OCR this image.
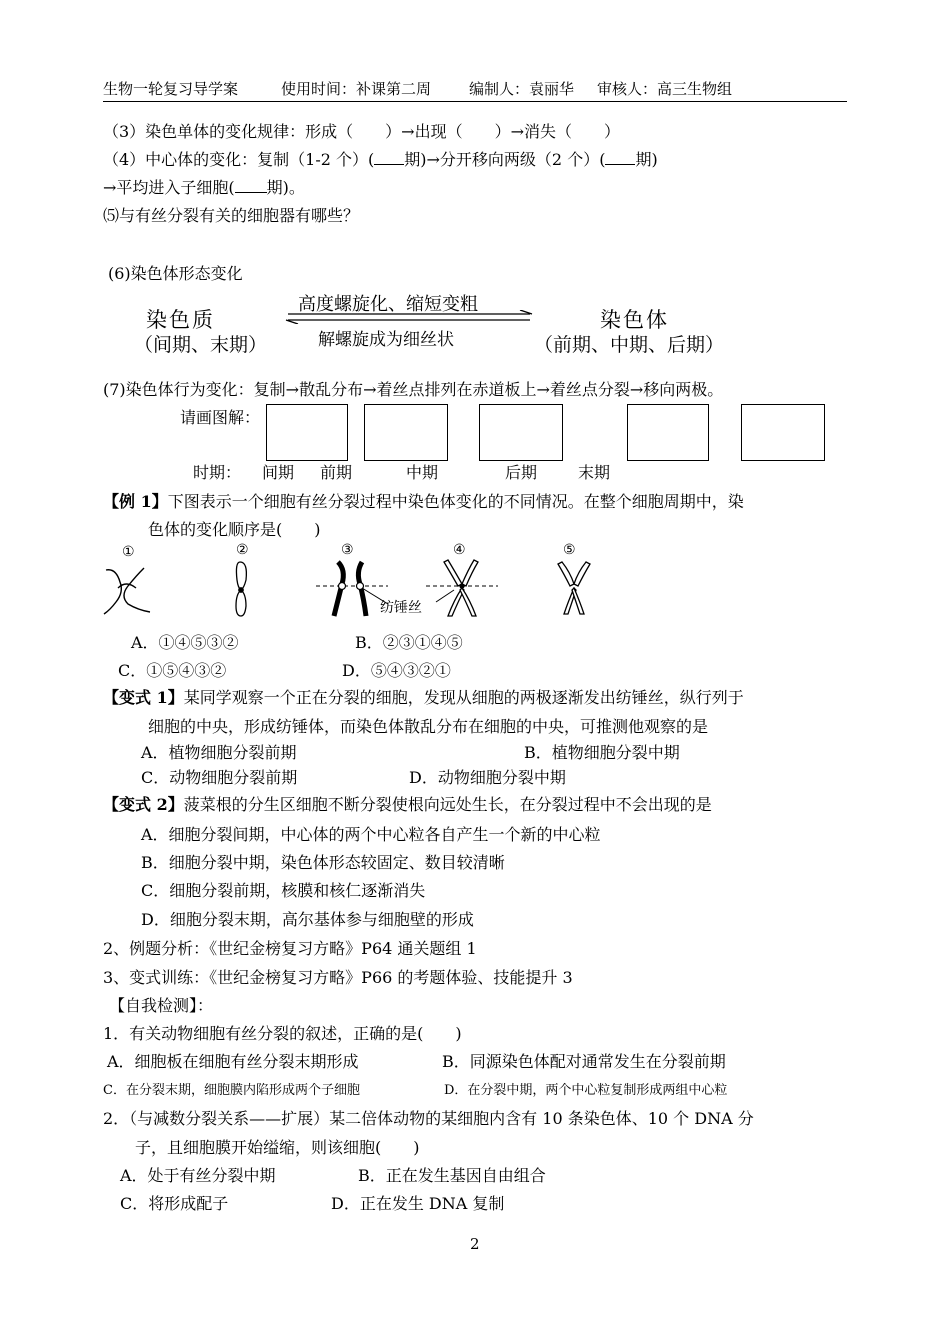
生物一轮复习导学案	使用时间：补课第二周	编制人：袁丽华 审核人：高三生物组
（3）染色单体的变化规律：形成（　　）→出现（　　）→消失（　　）
（4）中心体的变化：复制（1-2 个）( 期)→分开移向两级（2 个）( 期)
→平均进入子细胞( 期)。
⑸与有丝分裂有关的细胞器有哪些？
(6)染色体形态变化
染色质
（间期、末期）
高度螺旋化、缩短变粗
解螺旋成为细丝状
染色体
（前期、中期、后期）
(7)染色体行为变化：复制→散乱分布→着丝点排列在赤道板上→着丝点分裂→移向两极。
请画图解：
时期： 间期 前期	中期	后期	末期
【例 1】下图表示一个细胞有丝分裂过程中染色体变化的不同情况。在整个细胞周期中，染
色体的变化顺序是(　　)
①	②	③	④	⑤
纺锤丝
A．①④⑤③②	B．②③①④⑤
C．①⑤④③②	D．⑤④③②①
【变式 1】某同学观察一个正在分裂的细胞，发现从细胞的两极逐渐发出纺锤丝，纵行列于
细胞的中央，形成纺锤体，而染色体散乱分布在细胞的中央，可推测他观察的是
A．植物细胞分裂前期	B．植物细胞分裂中期
C．动物细胞分裂前期	D．动物细胞分裂中期
【变式 2】菠菜根的分生区细胞不断分裂使根向远处生长，在分裂过程中不会出现的是
A．细胞分裂间期，中心体的两个中心粒各自产生一个新的中心粒
B．细胞分裂中期，染色体形态较固定、数目较清晰
C．细胞分裂前期，核膜和核仁逐渐消失
D．细胞分裂末期，高尔基体参与细胞壁的形成
2、例题分析：《世纪金榜复习方略》P64 通关题组 1
3、变式训练：《世纪金榜复习方略》P66 的考题体验、技能提升 3
【自我检测】：
1．有关动物细胞有丝分裂的叙述，正确的是(　　)
A．细胞板在细胞有丝分裂末期形成	B．同源染色体配对通常发生在分裂前期
C．在分裂末期，细胞膜内陷形成两个子细胞	D．在分裂中期，两个中心粒复制形成两组中心粒
2．（与减数分裂关系——扩展）某二倍体动物的某细胞内含有 10 条染色体、10 个 DNA 分
子，且细胞膜开始缢缩，则该细胞(　　)
A．处于有丝分裂中期	B．正在发生基因自由组合
C．将形成配子	D．正在发生 DNA 复制
2
